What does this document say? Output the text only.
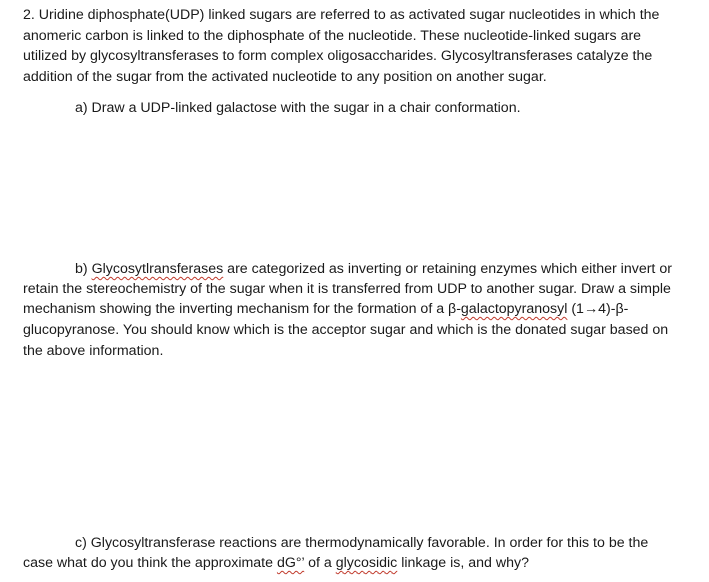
2. Uridine diphosphate(UDP) linked sugars are referred to as activated sugar nucleotides in which the
anomeric carbon is linked to the diphosphate of the nucleotide. These nucleotide-linked sugars are
utilized by glycosyltransferases to form complex oligosaccharides. Glycosyltransferases catalyze the
addition of the sugar from the activated nucleotide to any position on another sugar.
a) Draw a UDP-linked galactose with the sugar in a chair conformation.
b) Glycosytlransferases are categorized as inverting or retaining enzymes which either invert or
retain the stereochemistry of the sugar when it is transferred from UDP to another sugar. Draw a simple
mechanism showing the inverting mechanism for the formation of a β-galactopyranosyl (1→4)-β-
glucopyranose. You should know which is the acceptor sugar and which is the donated sugar based on
the above information.
c) Glycosyltransferase reactions are thermodynamically favorable. In order for this to be the
case what do you think the approximate dG°’ of a glycosidic linkage is, and why?
